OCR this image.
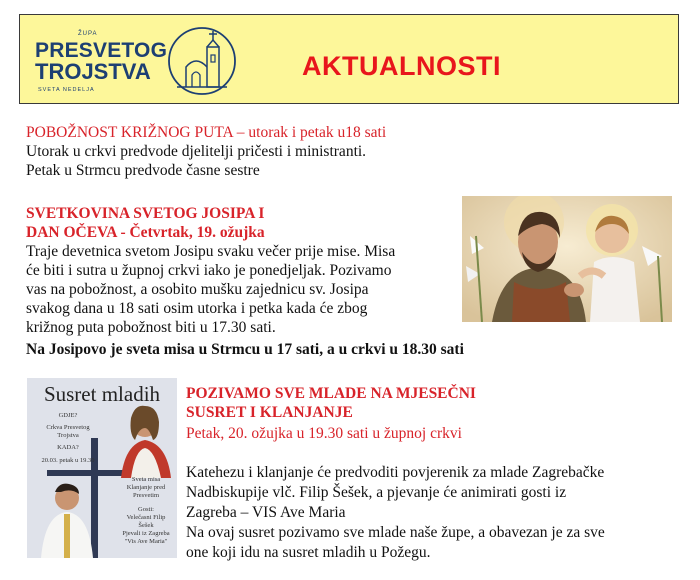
ŽUPA
PRESVETOG
TROJSTVA
SVETA NEDELJA
AKTUALNOSTI
POBOŽNOST KRIŽNOG PUTA – utorak i petak u18 sati
Utorak u crkvi predvode djelitelji pričesti i ministranti.
Petak u Strmcu predvode časne sestre
SVETKOVINA SVETOG JOSIPA I
DAN OČEVA - Četvrtak, 19. ožujka
Traje devetnica svetom Josipu svaku večer prije mise. Misa
će biti i sutra u župnoj crkvi iako je ponedjeljak. Pozivamo
vas na pobožnost, a osobito mušku zajednicu sv. Josipa
svakog dana u 18 sati osim utorka i petka kada će zbog
križnog puta pobožnost biti u 17.30 sati.
Na Josipovo je sveta misa u Strmcu u 17 sati, a u crkvi u 18.30 sati
Susret mladih
GDJE?
Crkva Presvetog
Trojstva
KADA?
20.03. petak u 19.30
Sveta misa
Klanjanje pred
Presvetim
Gosti:
Velečasni Filip
Šešek
Pjevali iz Zagreba
"Vis Ave Maria"
POZIVAMO SVE MLADE NA MJESEČNI
SUSRET I KLANJANJE
Petak, 20. ožujka u 19.30 sati u župnoj crkvi
Katehezu i klanjanje će predvoditi povjerenik za mlade Zagrebačke
Nadbiskupije vlč. Filip Šešek, a pjevanje će animirati gosti iz
Zagreba – VIS Ave Maria
Na ovaj susret pozivamo sve mlade naše župe, a obavezan je za sve
one koji idu na susret mladih u Požegu.
